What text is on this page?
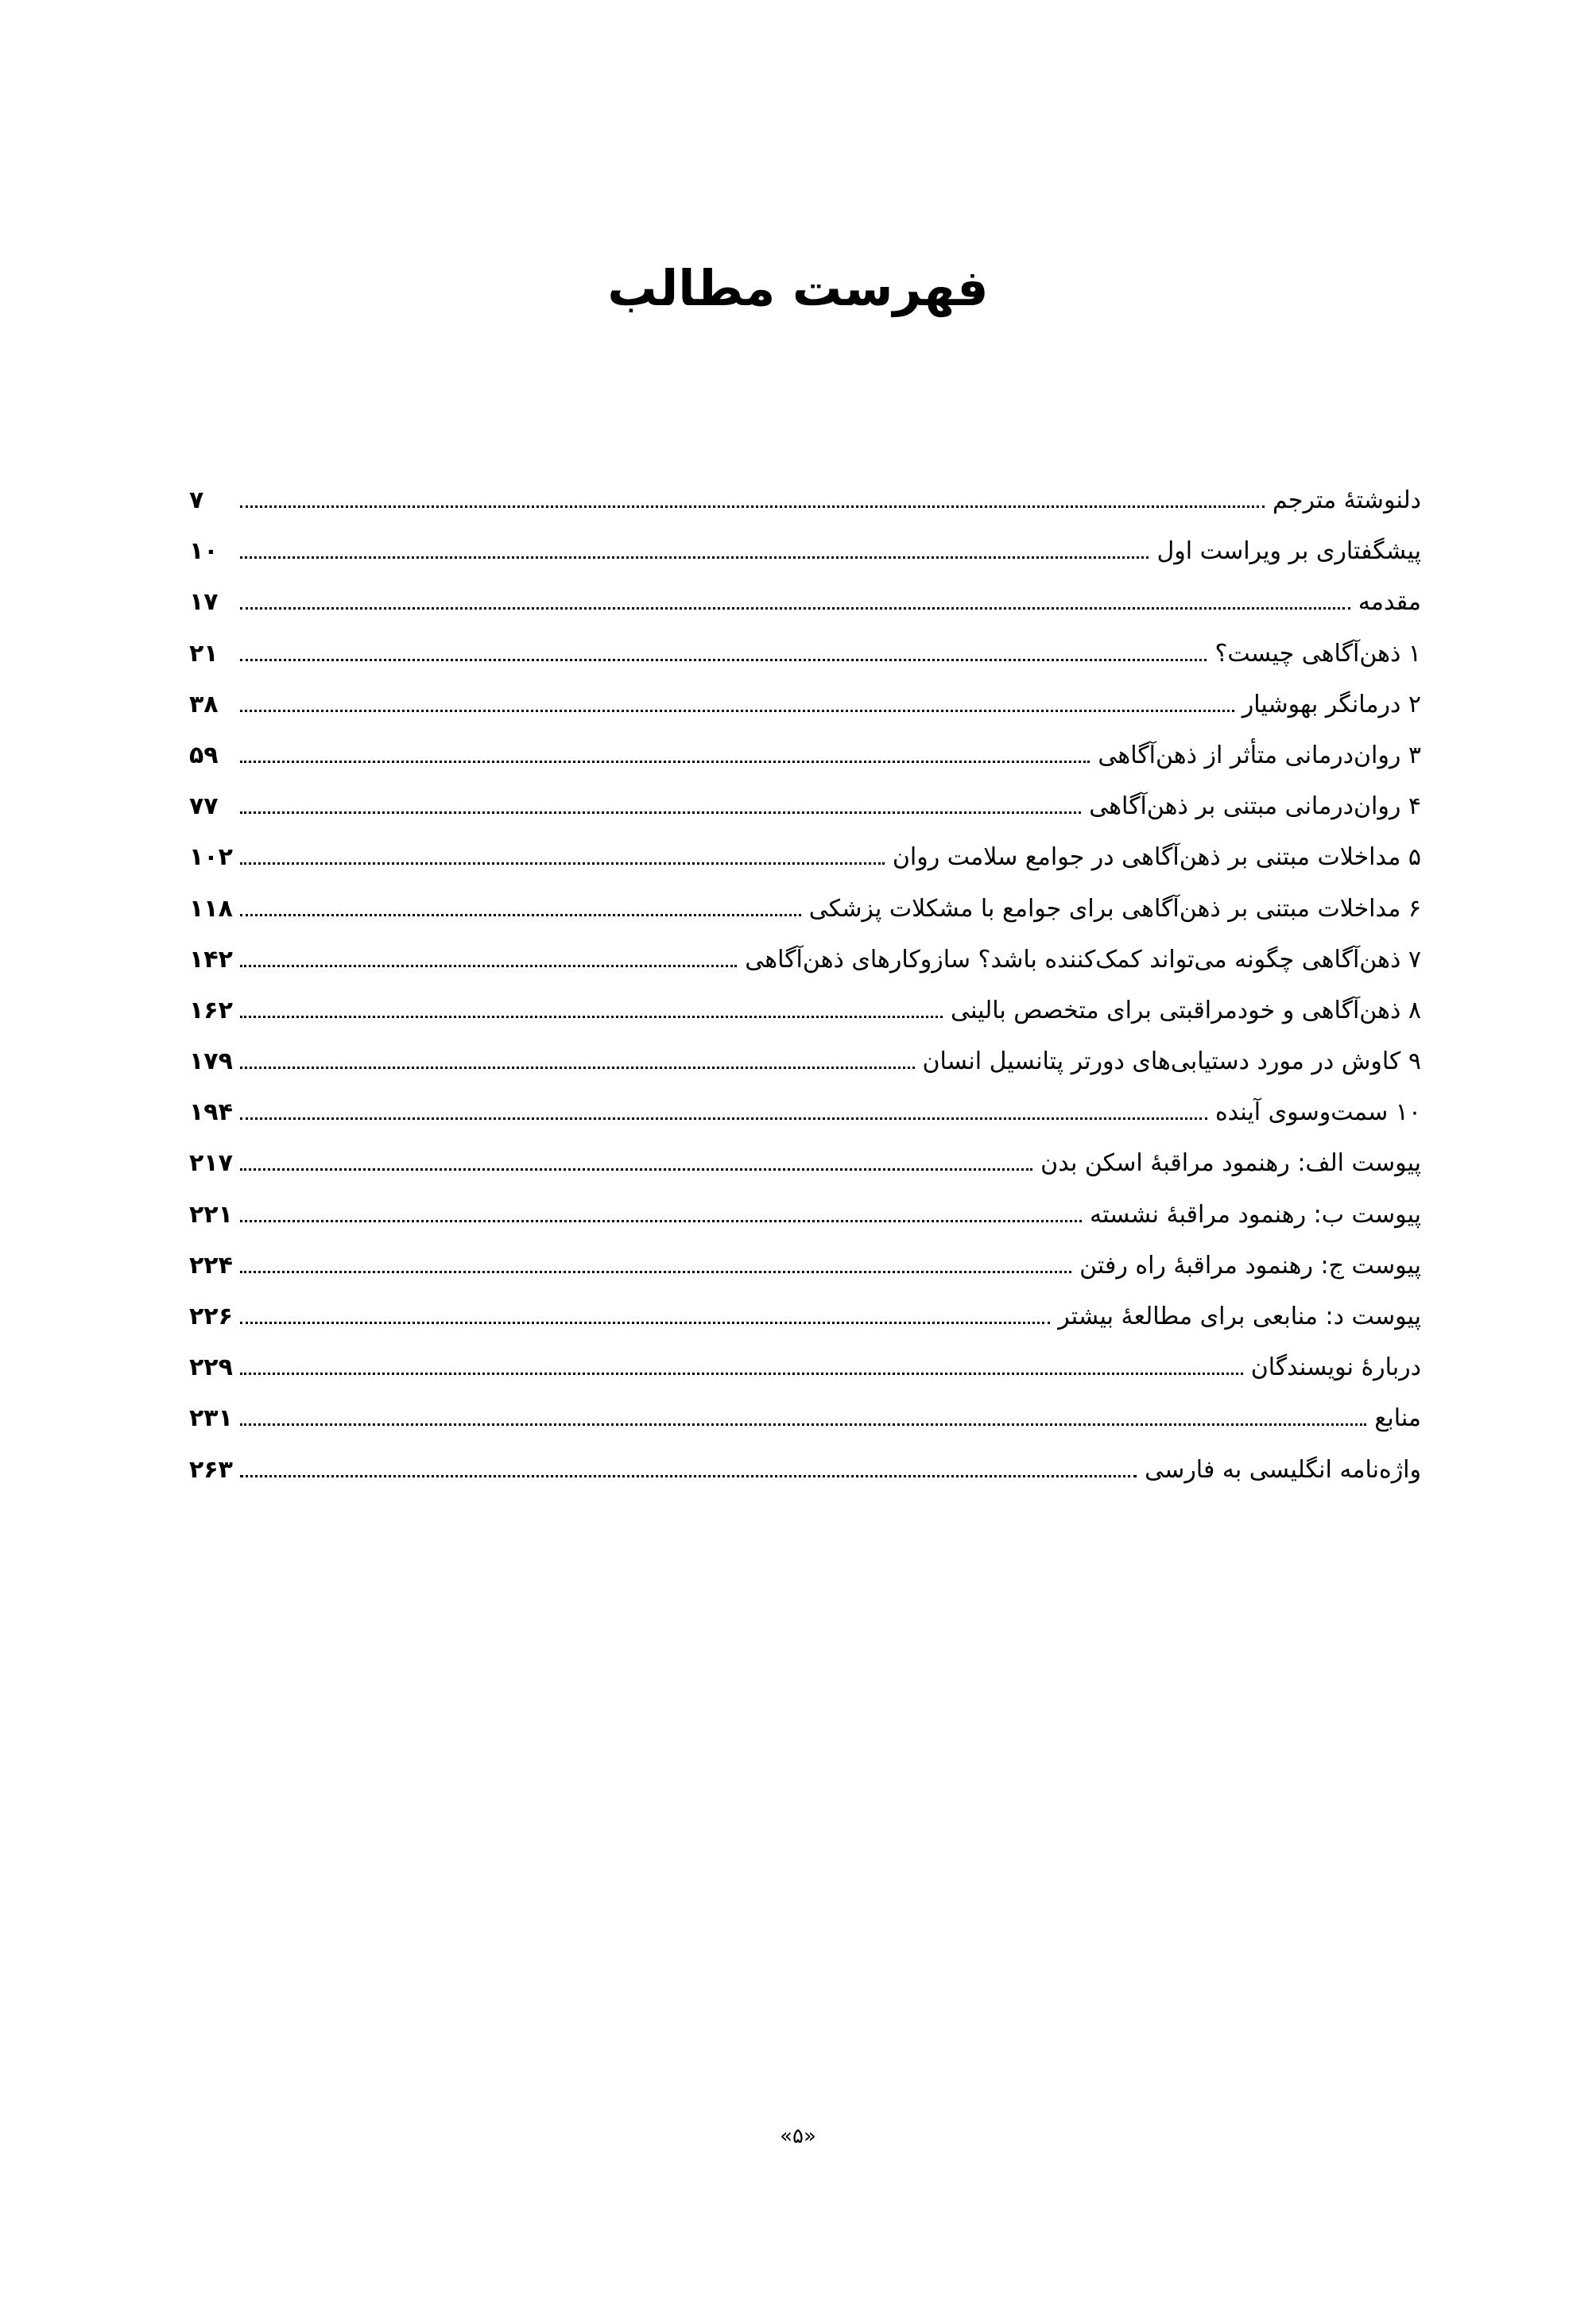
فهرست مطالب
دلنوشتهٔ مترجم
۷
پیشگفتاری بر ویراست اول
۱۰
مقدمه
۱۷
۱ ذهن‌آگاهی چیست؟
۲۱
۲ درمانگر بهوشیار
۳۸
۳ روان‌درمانی متأثر از ذهن‌آگاهی
۵۹
۴ روان‌درمانی مبتنی بر ذهن‌آگاهی
۷۷
۵ مداخلات مبتنی بر ذهن‌آگاهی در جوامع سلامت روان
۱۰۲
۶ مداخلات مبتنی بر ذهن‌آگاهی برای جوامع با مشکلات پزشکی
۱۱۸
۷ ذهن‌آگاهی چگونه می‌تواند کمک‌کننده باشد؟ سازوکارهای ذهن‌آگاهی
۱۴۲
۸ ذهن‌آگاهی و خودمراقبتی برای متخصص بالینی
۱۶۲
۹ کاوش در مورد دستیابی‌های دورتر پتانسیل انسان
۱۷۹
۱۰ سمت‌وسوی آینده
۱۹۴
پیوست الف: رهنمود مراقبهٔ اسکن بدن
۲۱۷
پیوست ب: رهنمود مراقبهٔ نشسته
۲۲۱
پیوست ج: رهنمود مراقبهٔ راه رفتن
۲۲۴
پیوست د: منابعی برای مطالعهٔ بیشتر
۲۲۶
دربارهٔ نویسندگان
۲۲۹
منابع
۲۳۱
واژه‌نامه انگلیسی به فارسی
۲۶۳
«۵»
